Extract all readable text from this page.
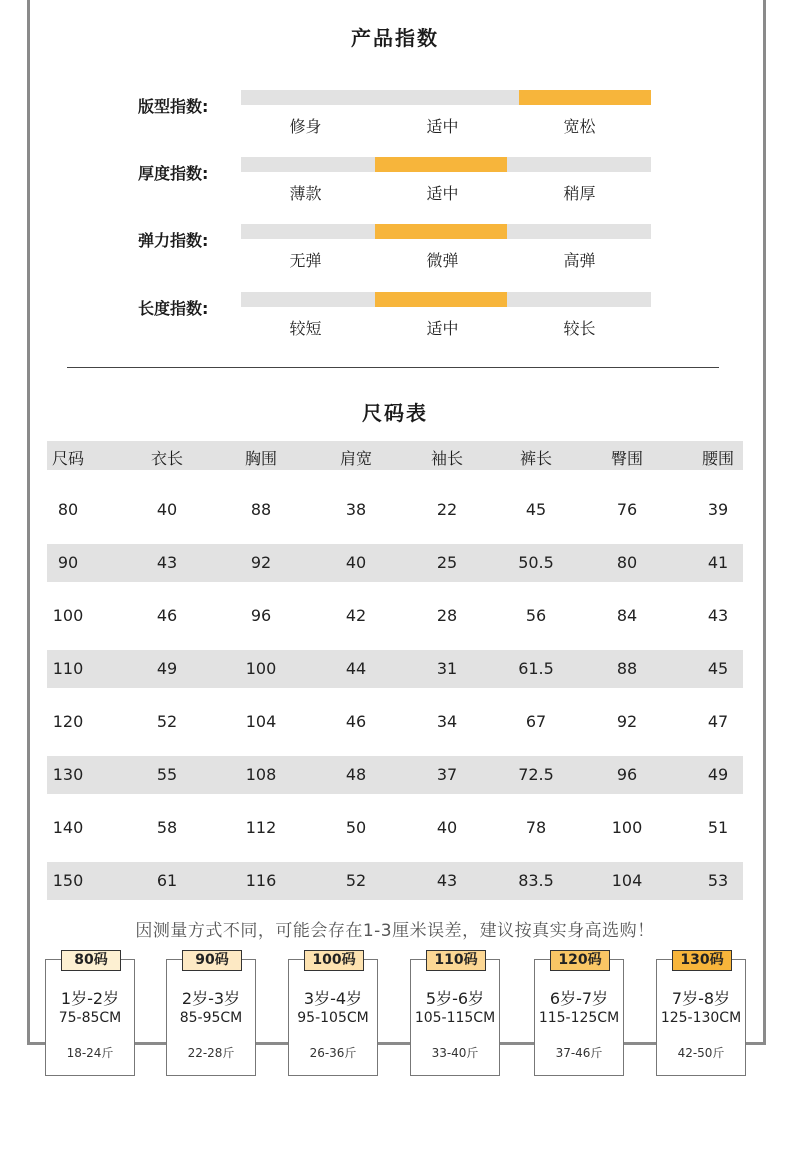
产品指数
版型指数:
修身	适中	宽松
厚度指数:
薄款	适中	稍厚
弹力指数:
无弹	微弹	高弹
长度指数:
较短	适中	较长
尺码表
尺码	衣长	胸围	肩宽	袖长	裤长	臀围	腰围
80	40	88	38	22	45	76	39
90	43	92	40	25	50.5	80	41
100	46	96	42	28	56	84	43
110	49	100	44	31	61.5	88	45
120	52	104	46	34	67	92	47
130	55	108	48	37	72.5	96	49
140	58	112	50	40	78	100	51
150	61	116	52	43	83.5	104	53
因测量方式不同，可能会存在1-3厘米误差，建议按真实身高选购！
80码
1岁-2岁
75-85CM
18-24斤
90码
2岁-3岁
85-95CM
22-28斤
100码
3岁-4岁
95-105CM
26-36斤
110码
5岁-6岁
105-115CM
33-40斤
120码
6岁-7岁
115-125CM
37-46斤
130码
7岁-8岁
125-130CM
42-50斤
